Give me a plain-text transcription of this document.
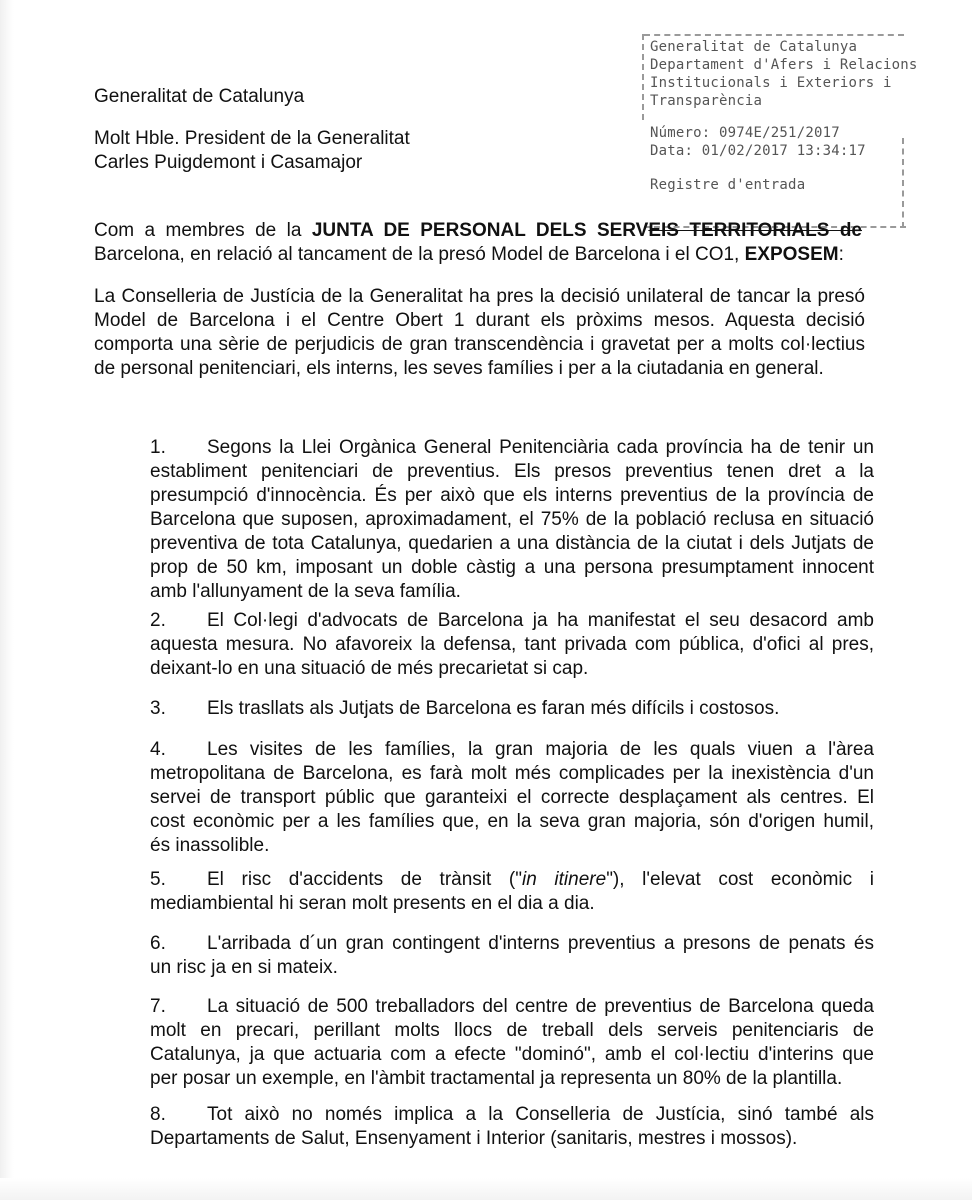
Generalitat de Catalunya
Departament d'Afers i Relacions
Institucionals i Exteriors i
Transparència
Número: 0974E/251/2017
Data: 01/02/2017 13:34:17
Registre d'entrada
Generalitat de Catalunya
Molt Hble. President de la Generalitat
Carles Puigdemont i Casamajor
Com a membres de la JUNTA DE PERSONAL DELS SERVEIS TERRITORIALS de
Barcelona, en relació al tancament de la presó Model de Barcelona i el CO1, EXPOSEM:
La Conselleria de Justícia de la Generalitat ha pres la decisió unilateral de tancar la presó
Model de Barcelona i el Centre Obert 1 durant els pròxims mesos. Aquesta decisió
comporta una sèrie de perjudicis de gran transcendència i gravetat per a molts col·lectius
de personal penitenciari, els interns, les seves famílies i per a la ciutadania en general.
1. Segons la Llei Orgànica General Penitenciària cada província ha de tenir un
establiment penitenciari de preventius. Els presos preventius tenen dret a la
presumpció d'innocència. És per això que els interns preventius de la província de
Barcelona que suposen, aproximadament, el 75% de la població reclusa en situació
preventiva de tota Catalunya, quedarien a una distància de la ciutat i dels Jutjats de
prop de 50 km, imposant un doble càstig a una persona presumptament innocent
amb l'allunyament de la seva família.
2. El Col·legi d'advocats de Barcelona ja ha manifestat el seu desacord amb
aquesta mesura. No afavoreix la defensa, tant privada com pública, d'ofici al pres,
deixant-lo en una situació de més precarietat si cap.
3. Els trasllats als Jutjats de Barcelona es faran més difícils i costosos.
4. Les visites de les famílies, la gran majoria de les quals viuen a l'àrea
metropolitana de Barcelona, es farà molt més complicades per la inexistència d'un
servei de transport públic que garanteixi el correcte desplaçament als centres. El
cost econòmic per a les famílies que, en la seva gran majoria, són d'origen humil,
és inassolible.
5. El risc d'accidents de trànsit ("in itinere"), l'elevat cost econòmic i
mediambiental hi seran molt presents en el dia a dia.
6. L'arribada d´un gran contingent d'interns preventius a presons de penats és
un risc ja en si mateix.
7. La situació de 500 treballadors del centre de preventius de Barcelona queda
molt en precari, perillant molts llocs de treball dels serveis penitenciaris de
Catalunya, ja que actuaria com a efecte "dominó", amb el col·lectiu d'interins que
per posar un exemple, en l'àmbit tractamental ja representa un 80% de la plantilla.
8. Tot això no només implica a la Conselleria de Justícia, sinó també als
Departaments de Salut, Ensenyament i Interior (sanitaris, mestres i mossos).
